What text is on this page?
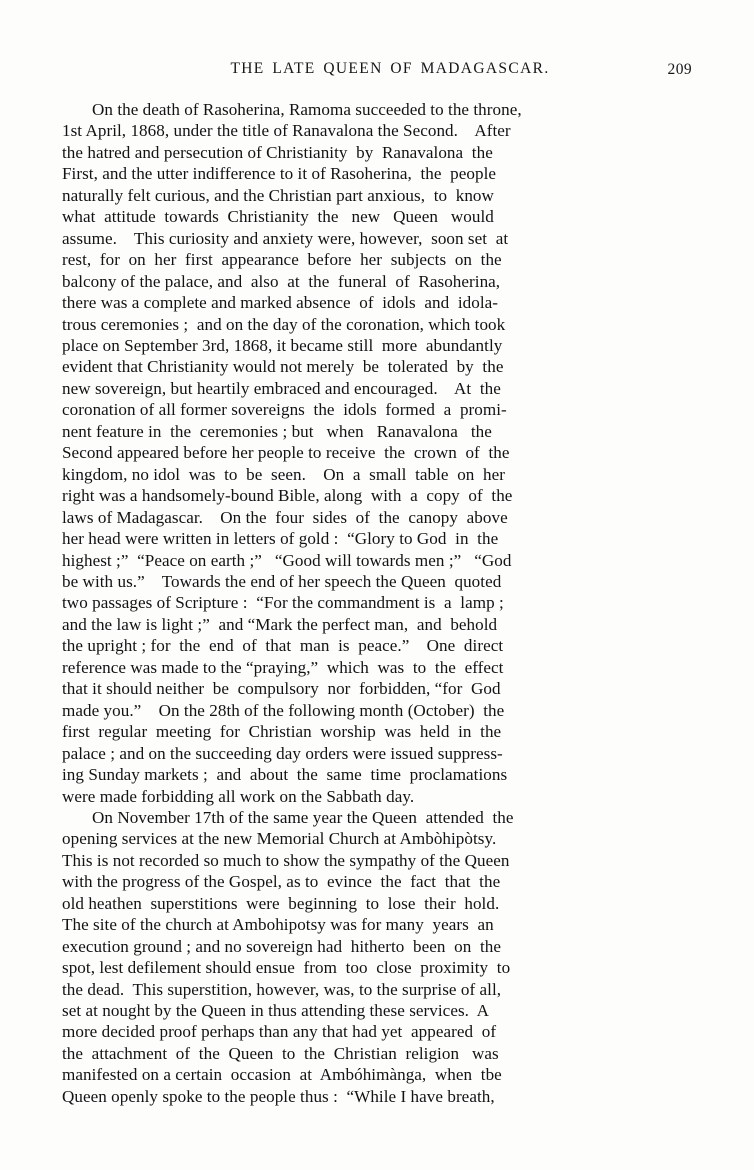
THE LATE QUEEN OF MADAGASCAR.	209

On the death of Rasoherina, Ramoma succeeded to the throne,
1st April, 1868, under the title of Ranavalona the Second.    After
the hatred and persecution of Christianity  by  Ranavalona  the
First, and the utter indifference to it of Rasoherina,  the  people
naturally felt curious, and the Christian part anxious,  to  know
what  attitude  towards  Christianity  the   new   Queen   would
assume.    This curiosity and anxiety were, however,  soon set  at
rest,  for  on  her  first  appearance  before  her  subjects  on  the
balcony of the palace, and  also  at  the  funeral  of  Rasoherina,
there was a complete and marked absence  of  idols  and  idola-
trous ceremonies ;  and on the day of the coronation, which took
place on September 3rd, 1868, it became still  more  abundantly
evident that Christianity would not merely  be  tolerated  by  the
new sovereign, but heartily embraced and encouraged.    At  the
coronation of all former sovereigns  the  idols  formed  a  promi-
nent feature in  the  ceremonies ; but   when   Ranavalona   the
Second appeared before her people to receive  the  crown  of  the
kingdom, no idol  was  to  be  seen.    On  a  small  table  on  her
right was a handsomely-bound Bible, along  with  a  copy  of  the
laws of Madagascar.    On the  four  sides  of  the  canopy  above
her head were written in letters of gold :  “Glory to God  in  the
highest ;”  “Peace on earth ;”   “Good will towards men ;”   “God
be with us.”    Towards the end of her speech the Queen  quoted
two passages of Scripture :  “For the commandment is  a  lamp ;
and the law is light ;”  and “Mark the perfect man,  and  behold
the upright ; for  the  end  of  that  man  is  peace.”    One  direct
reference was made to the “praying,”  which  was  to  the  effect
that it should neither  be  compulsory  nor  forbidden, “for  God
made you.”    On the 28th of the following month (October)  the
first  regular  meeting  for  Christian  worship  was  held  in  the
palace ; and on the succeeding day orders were issued suppress-
ing Sunday markets ;  and  about  the  same  time  proclamations
were made forbidding all work on the Sabbath day.

On November 17th of the same year the Queen  attended  the
opening services at the new Memorial Church at Ambòhipòtsy.
This is not recorded so much to show the sympathy of the Queen
with the progress of the Gospel, as to  evince  the  fact  that  the
old heathen  superstitions  were  beginning  to  lose  their  hold.
The site of the church at Ambohipotsy was for many  years  an
execution ground ; and no sovereign had  hitherto  been  on  the
spot, lest defilement should ensue  from  too  close  proximity  to
the dead.  This superstition, however, was, to the surprise of all,
set at nought by the Queen in thus attending these services.  A
more decided proof perhaps than any that had yet  appeared  of
the  attachment  of  the  Queen  to  the  Christian  religion   was
manifested on a certain  occasion  at  Ambóhimànga,  when  tbe
Queen openly spoke to the people thus :  “While I have breath,
